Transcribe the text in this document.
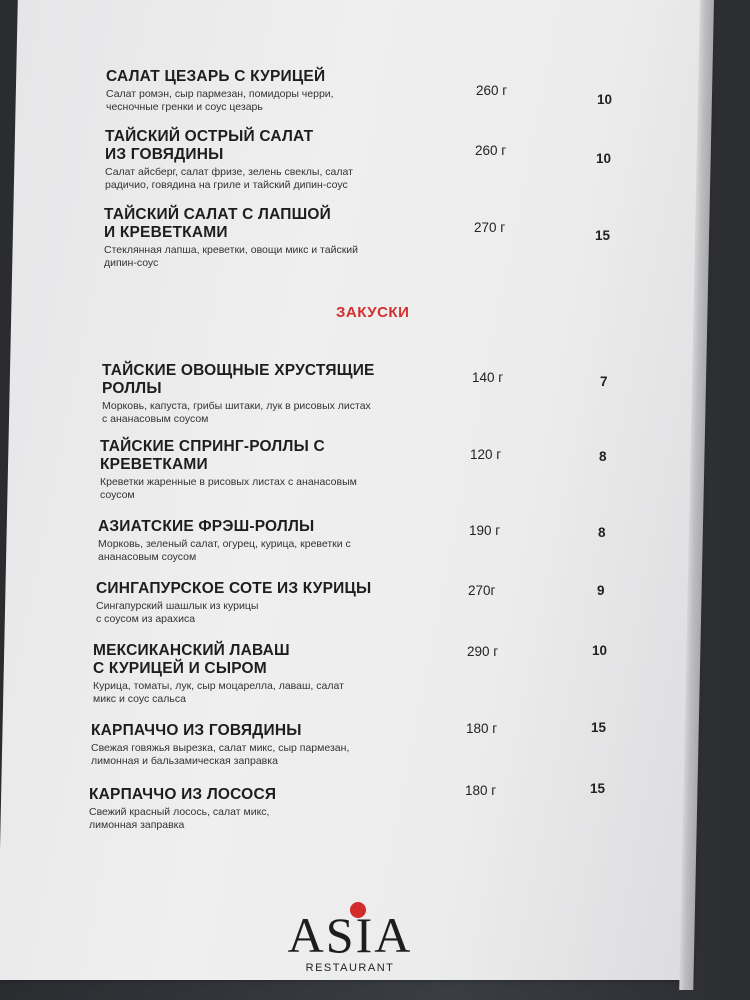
САЛАТ ЦЕЗАРЬ С КУРИЦЕЙ
Салат ромэн, сыр пармезан, помидоры черри,
чесночные гренки и соус цезарь
260 г
10
ТАЙСКИЙ ОСТРЫЙ САЛАТ
ИЗ ГОВЯДИНЫ
Салат айсберг, салат фризе, зелень свеклы, салат
радичио, говядина на гриле и тайский дипин-соус
260 г
10
ТАЙСКИЙ САЛАТ С ЛАПШОЙ
И КРЕВЕТКАМИ
Стеклянная лапша, креветки, овощи микс и тайский
дипин-соус
270 г
15
ЗАКУСКИ
ТАЙСКИЕ ОВОЩНЫЕ ХРУСТЯЩИЕ
РОЛЛЫ
Морковь, капуста, грибы шитаки, лук в рисовых листах
с ананасовым соусом
140 г	7
ТАЙСКИЕ СПРИНГ-РОЛЛЫ С
КРЕВЕТКАМИ
Креветки жаренные в рисовых листах с ананасовым
соусом
120 г	8
АЗИАТСКИЕ ФРЭШ-РОЛЛЫ
Морковь, зеленый салат, огурец, курица, креветки с
ананасовым соусом
190 г	8
СИНГАПУРСКОЕ СОТЕ ИЗ КУРИЦЫ
Сингапурский шашлык из курицы
с соусом из арахиса
270г	9
МЕКСИКАНСКИЙ ЛАВАШ
С КУРИЦЕЙ И СЫРОМ
Курица, томаты, лук, сыр моцарелла, лаваш, салат
микс и соус сальса
290 г	10
КАРПАЧЧО ИЗ ГОВЯДИНЫ
Свежая говяжья вырезка, салат микс, сыр пармезан,
лимонная и бальзамическая заправка
180 г	15
КАРПАЧЧО ИЗ ЛОСОСЯ
Свежий красный лосось, салат микс,
лимонная заправка
180 г	15
ASIA
RESTAURANT
